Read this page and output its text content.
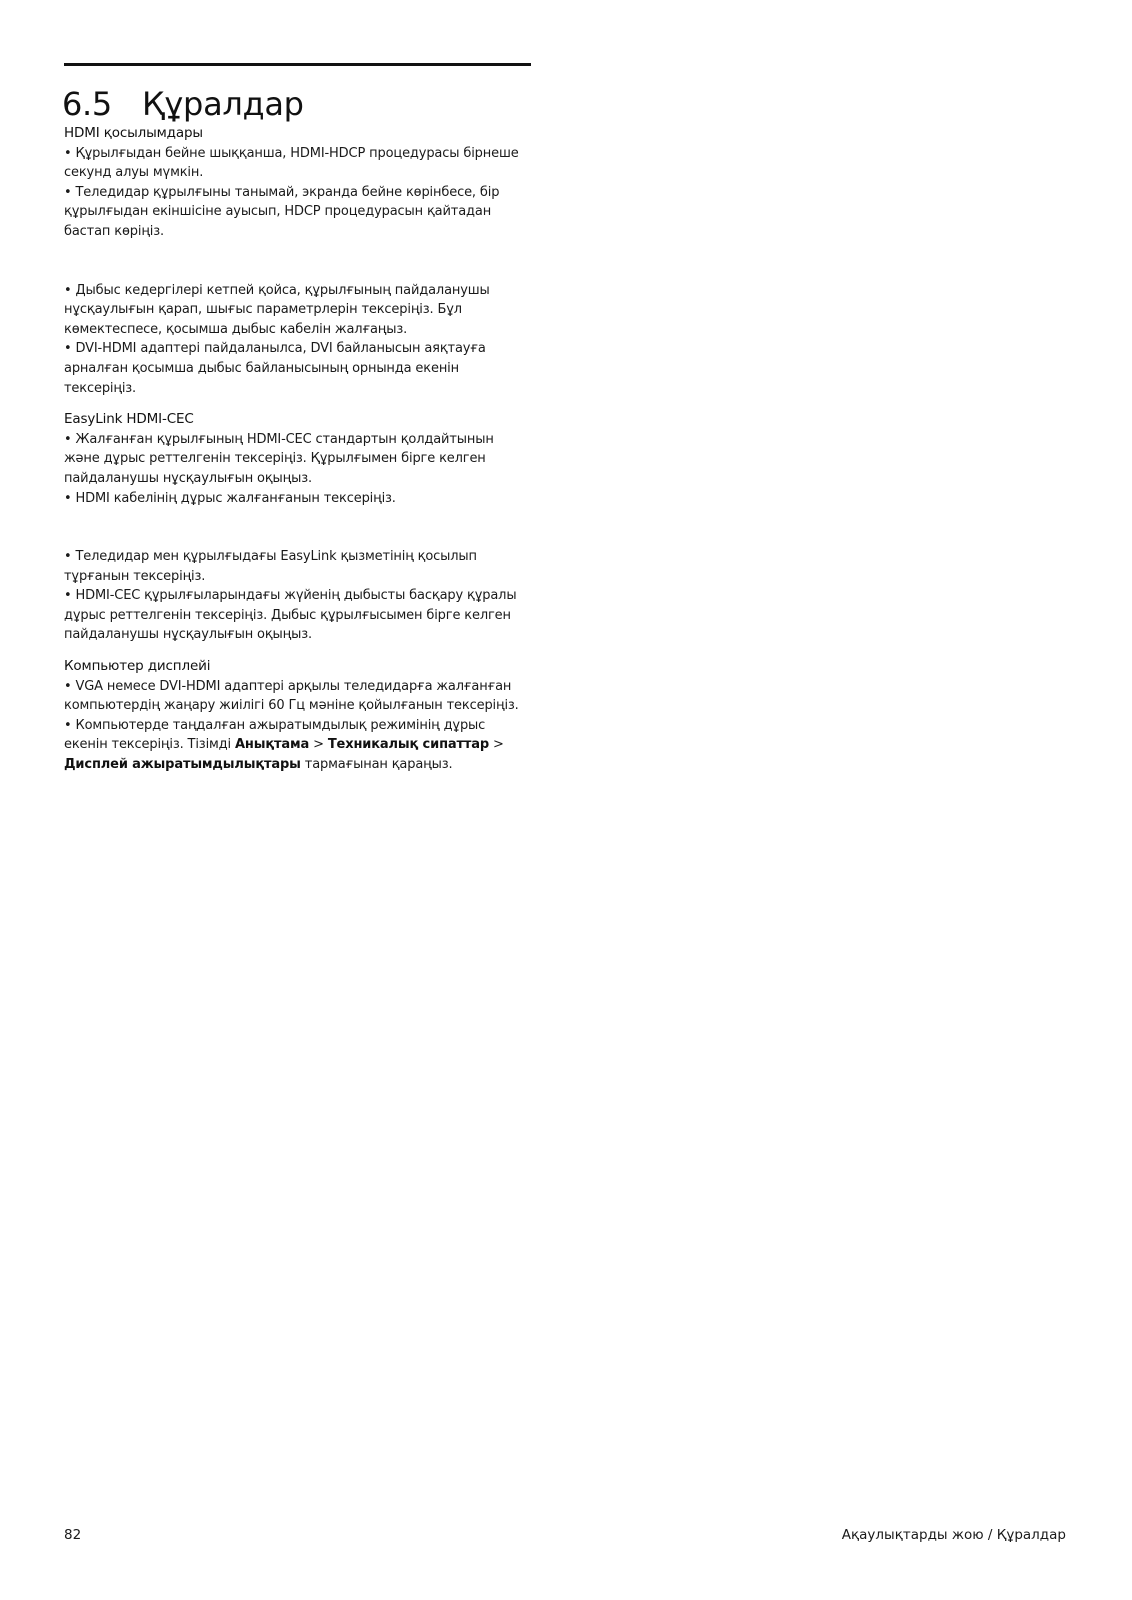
6.5 Құралдар

HDMI қосылымдары

• Құрылғыдан бейне шыққанша, HDMI-HDCP процедурасы бірнеше секунд алуы мүмкін.

• Теледидар құрылғыны танымай, экранда бейне көрінбесе, бір құрылғыдан екіншісіне ауысып, HDCP процедурасын қайтадан бастап көріңіз.

• Дыбыс кедергілері кетпей қойса, құрылғының пайдаланушы нұсқаулығын қарап, шығыс параметрлерін тексеріңіз. Бұл көмектеспесе, қосымша дыбыс кабелін жалғаңыз.

• DVI-HDMI адаптері пайдаланылса, DVI байланысын аяқтауға арналған қосымша дыбыс байланысының орнында екенін тексеріңіз.

EasyLink HDMI-CEC

• Жалғанған құрылғының HDMI-CEC стандартын қолдайтынын және дұрыс реттелгенін тексеріңіз. Құрылғымен бірге келген пайдаланушы нұсқаулығын оқыңыз.

• HDMI кабелінің дұрыс жалғанғанын тексеріңіз.

• Теледидар мен құрылғыдағы EasyLink қызметінің қосылып тұрғанын тексеріңіз.

• HDMI-CEC құрылғыларындағы жүйенің дыбысты басқару құралы дұрыс реттелгенін тексеріңіз. Дыбыс құрылғысымен бірге келген пайдаланушы нұсқаулығын оқыңыз.

Компьютер дисплейі

• VGA немесе DVI-HDMI адаптері арқылы теледидарға жалғанған компьютердің жаңару жиілігі 60 Гц мәніне қойылғанын тексеріңіз.

• Компьютерде таңдалған ажыратымдылық режимінің дұрыс екенін тексеріңіз. Тізімді Анықтама > Техникалық сипаттар > Дисплей ажыратымдылықтары тармағынан қараңыз.

82	Ақаулықтарды жою / Құралдар
